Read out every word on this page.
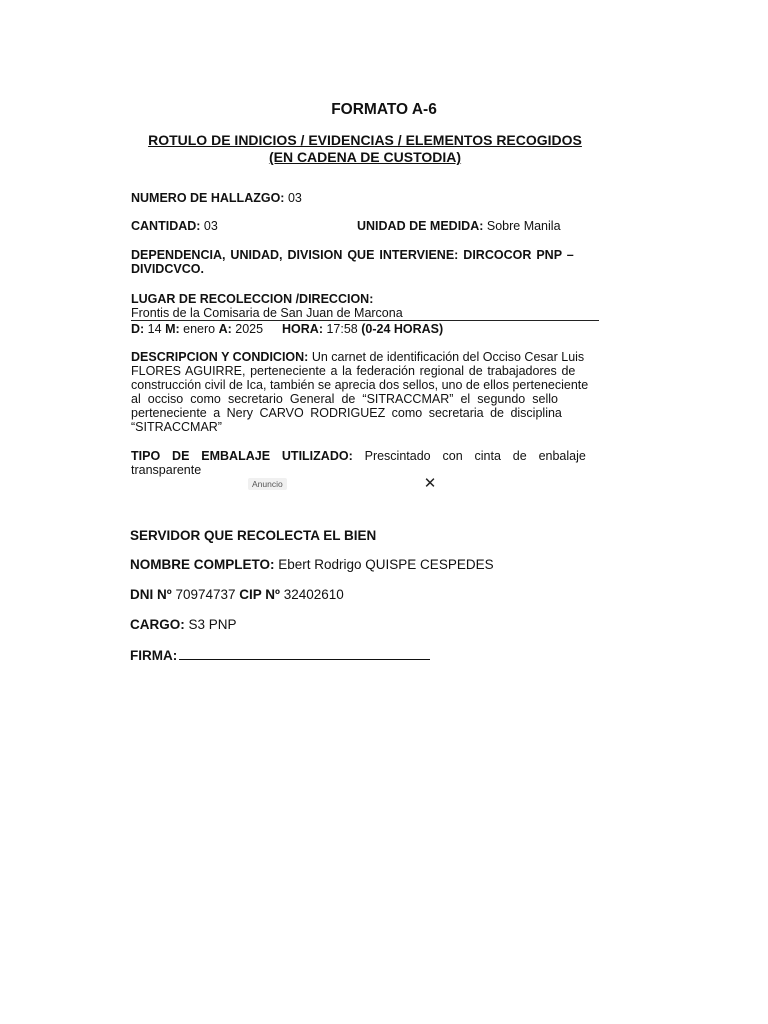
FORMATO A-6
ROTULO DE INDICIOS / EVIDENCIAS / ELEMENTOS RECOGIDOS
(EN CADENA DE CUSTODIA)
NUMERO DE HALLAZGO: 03
CANTIDAD: 03	UNIDAD DE MEDIDA: Sobre Manila
DEPENDENCIA, UNIDAD, DIVISION QUE INTERVIENE: DIRCOCOR PNP –
DIVIDCVCO.
LUGAR DE RECOLECCION /DIRECCION:
Frontis de la Comisaria de San Juan de Marcona
D: 14 M: enero A: 2025 HORA: 17:58 (0-24 HORAS)
DESCRIPCION Y CONDICION: Un carnet de identificación del Occiso Cesar Luis
FLORES AGUIRRE, perteneciente a la federación regional de trabajadores de
construcción civil de Ica, también se aprecia dos sellos, uno de ellos perteneciente
al occiso como secretario General de “SITRACCMAR” el segundo sello
perteneciente a Nery CARVO RODRIGUEZ como secretaria de disciplina
“SITRACCMAR”
TIPO DE EMBALAJE UTILIZADO: Prescintado con cinta de enbalaje
transparente
Anuncio	✕
SERVIDOR QUE RECOLECTA EL BIEN
NOMBRE COMPLETO: Ebert Rodrigo QUISPE CESPEDES
DNI Nº 70974737 CIP Nº 32402610
CARGO: S3 PNP
FIRMA:
